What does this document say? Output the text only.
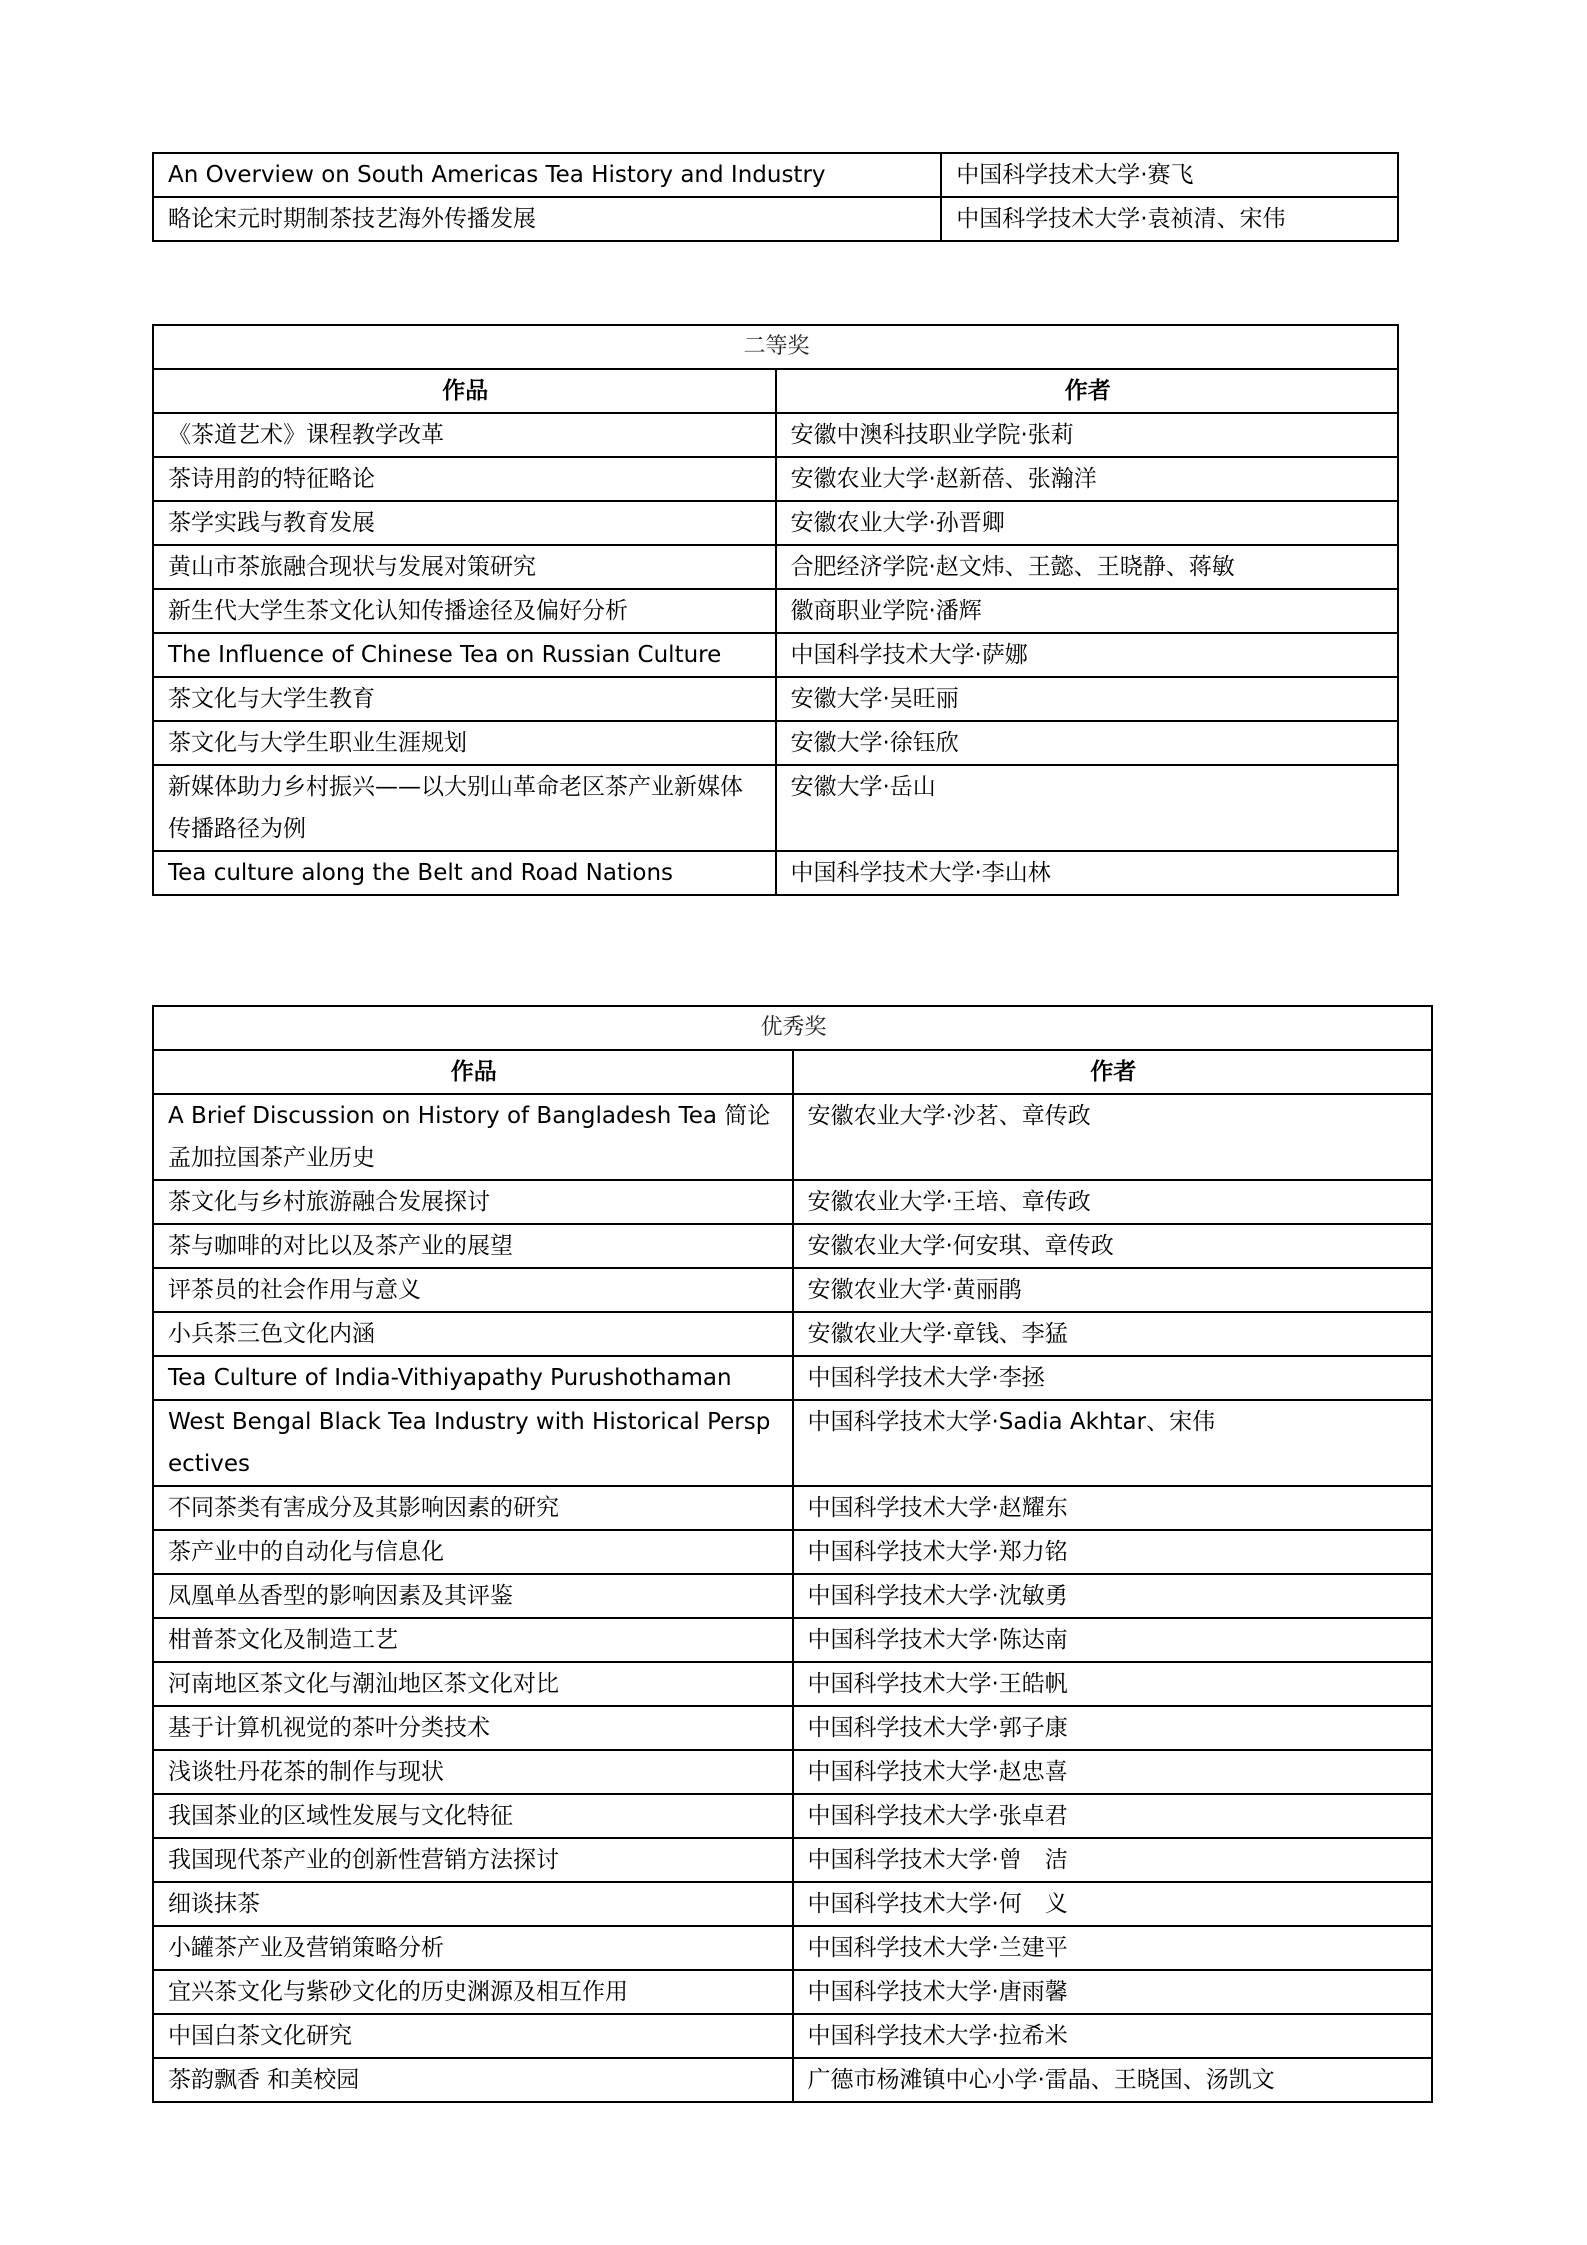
An Overview on South Americas Tea History and Industry	中国科学技术大学·赛飞
略论宋元时期制茶技艺海外传播发展	中国科学技术大学·袁祯清、宋伟
二等奖	
作品	作者
《茶道艺术》课程教学改革	安徽中澳科技职业学院·张莉
茶诗用韵的特征略论	安徽农业大学·赵新蓓、张瀚洋
茶学实践与教育发展	安徽农业大学·孙晋卿
黄山市茶旅融合现状与发展对策研究	合肥经济学院·赵文炜、王懿、王晓静、蒋敏
新生代大学生茶文化认知传播途径及偏好分析	徽商职业学院·潘辉
The Influence of Chinese Tea on Russian Culture	中国科学技术大学·萨娜
茶文化与大学生教育	安徽大学·吴旺丽
茶文化与大学生职业生涯规划	安徽大学·徐钰欣
新媒体助力乡村振兴——以大别山革命老区茶产业新媒体传播路径为例	安徽大学·岳山
Tea culture along the Belt and Road Nations	中国科学技术大学·李山林
优秀奖	
作品	作者
A Brief Discussion on History of Bangladesh Tea 简论孟加拉国茶产业历史	安徽农业大学·沙茗、章传政
茶文化与乡村旅游融合发展探讨	安徽农业大学·王培、章传政
茶与咖啡的对比以及茶产业的展望	安徽农业大学·何安琪、章传政
评茶员的社会作用与意义	安徽农业大学·黄丽鹃
小兵茶三色文化内涵	安徽农业大学·章钱、李猛
Tea Culture of India-Vithiyapathy Purushothaman	中国科学技术大学·李拯
West Bengal Black Tea Industry with Historical Perspectives	中国科学技术大学·Sadia Akhtar、宋伟
不同茶类有害成分及其影响因素的研究	中国科学技术大学·赵耀东
茶产业中的自动化与信息化	中国科学技术大学·郑力铭
凤凰单丛香型的影响因素及其评鉴	中国科学技术大学·沈敏勇
柑普茶文化及制造工艺	中国科学技术大学·陈达南
河南地区茶文化与潮汕地区茶文化对比	中国科学技术大学·王皓帆
基于计算机视觉的茶叶分类技术	中国科学技术大学·郭子康
浅谈牡丹花茶的制作与现状	中国科学技术大学·赵忠喜
我国茶业的区域性发展与文化特征	中国科学技术大学·张卓君
我国现代茶产业的创新性营销方法探讨	中国科学技术大学·曾　洁
细谈抹茶	中国科学技术大学·何　义
小罐茶产业及营销策略分析	中国科学技术大学·兰建平
宜兴茶文化与紫砂文化的历史渊源及相互作用	中国科学技术大学·唐雨馨
中国白茶文化研究	中国科学技术大学·拉希米
茶韵飘香 和美校园	广德市杨滩镇中心小学·雷晶、王晓国、汤凯文
